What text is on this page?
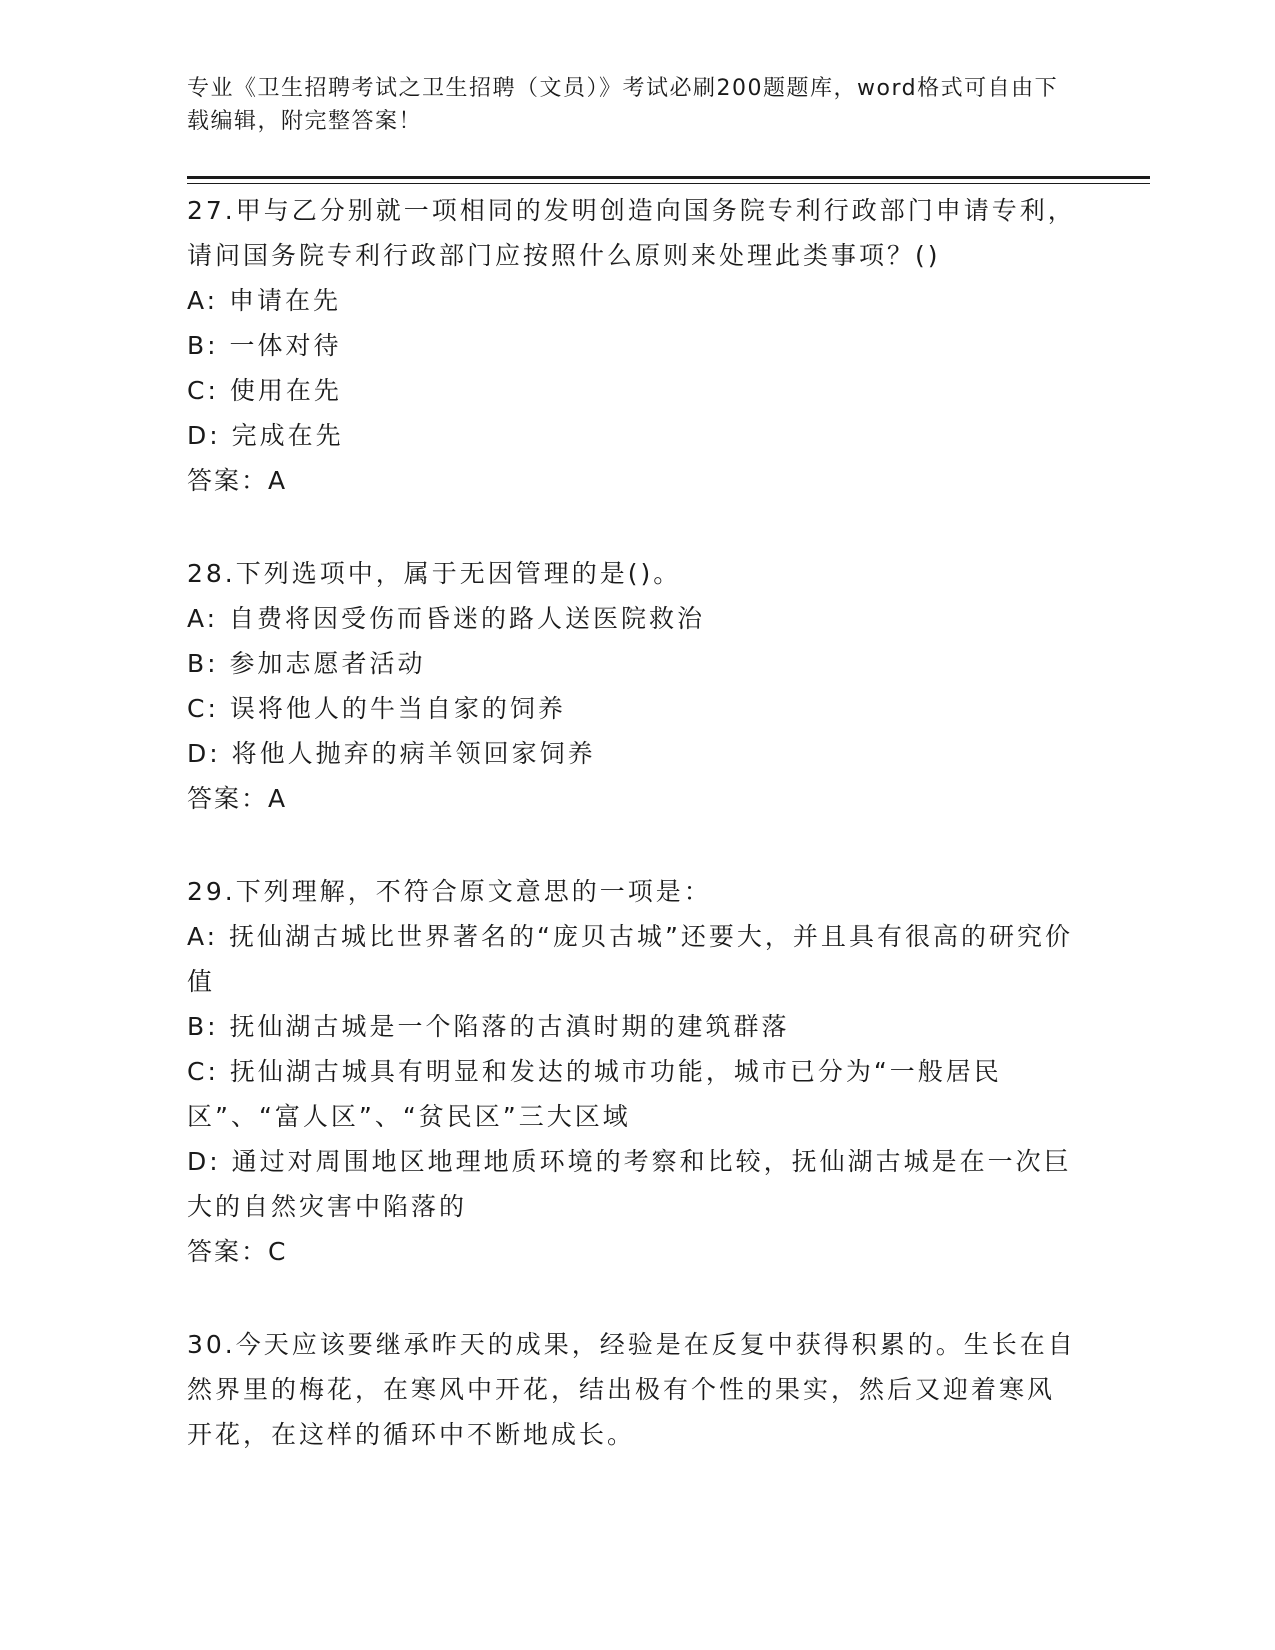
专业《卫生招聘考试之卫生招聘（文员）》考试必刷200题题库，word格式可自由下载编辑，附完整答案！
27.甲与乙分别就一项相同的发明创造向国务院专利行政部门申请专利，请问国务院专利行政部门应按照什么原则来处理此类事项？()
A: 申请在先
B: 一体对待
C: 使用在先
D: 完成在先
答案：A
28.下列选项中，属于无因管理的是()。
A: 自费将因受伤而昏迷的路人送医院救治
B: 参加志愿者活动
C: 误将他人的牛当自家的饲养
D: 将他人抛弃的病羊领回家饲养
答案：A
29.下列理解，不符合原文意思的一项是：
A: 抚仙湖古城比世界著名的“庞贝古城”还要大，并且具有很高的研究价值
B: 抚仙湖古城是一个陷落的古滇时期的建筑群落
C: 抚仙湖古城具有明显和发达的城市功能，城市已分为“一般居民区”、“富人区”、“贫民区”三大区域
D: 通过对周围地区地理地质环境的考察和比较，抚仙湖古城是在一次巨大的自然灾害中陷落的
答案：C
30.今天应该要继承昨天的成果，经验是在反复中获得积累的。生长在自然界里的梅花，在寒风中开花，结出极有个性的果实，然后又迎着寒风开花，在这样的循环中不断地成长。
